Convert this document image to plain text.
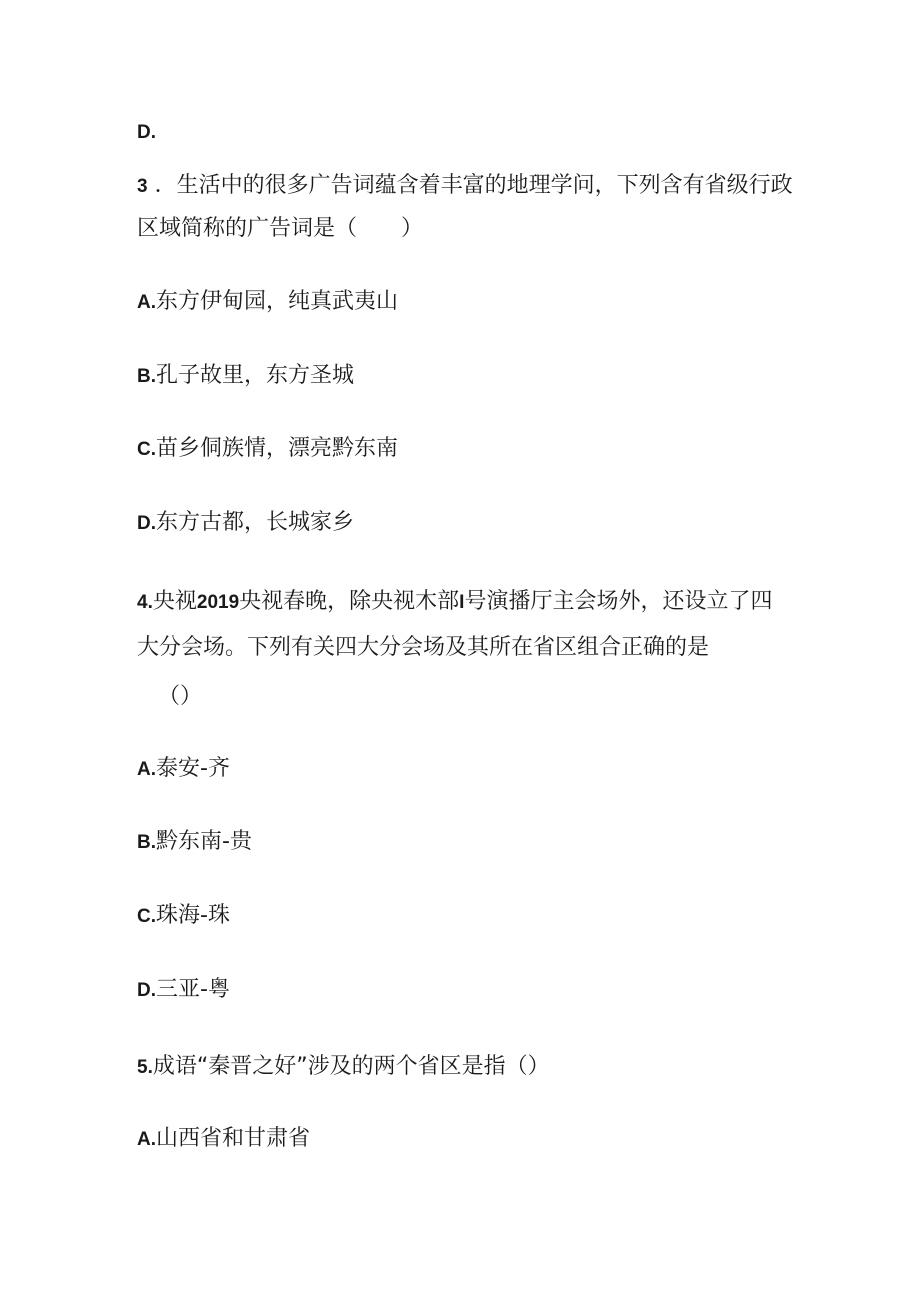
D.
3 ．生活中的很多广告词蕴含着丰富的地理学问，下列含有省级行政
区域简称的广告词是（　　）
A.东方伊甸园，纯真武夷山
B.孔子故里，东方圣城
C.苗乡侗族情，漂亮黔东南
D.东方古都，长城家乡
4.央视2019央视春晚，除央视木部I号演播厅主会场外，还设立了四
大分会场。下列有关四大分会场及其所在省区组合正确的是
（）
A.泰安-齐
B.黔东南-贵
C.珠海-珠
D.三亚-粤
5.成语“秦晋之好”涉及的两个省区是指（）
A.山西省和甘肃省
